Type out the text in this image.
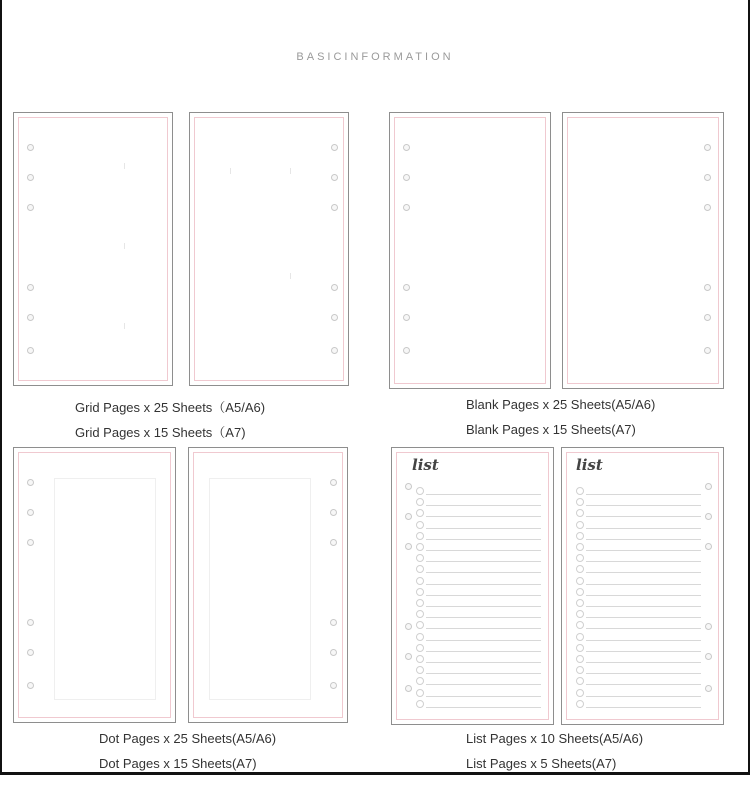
BASICINFORMATION
Grid Pages x 25 Sheets（A5/A6)
Grid Pages x 15 Sheets（A7)
Blank Pages x 25 Sheets(A5/A6)
Blank Pages x 15 Sheets(A7)
Dot Pages x 25 Sheets(A5/A6)
Dot Pages x 15 Sheets(A7)
list	list
List Pages x 10 Sheets(A5/A6)
List Pages x 5 Sheets(A7)
